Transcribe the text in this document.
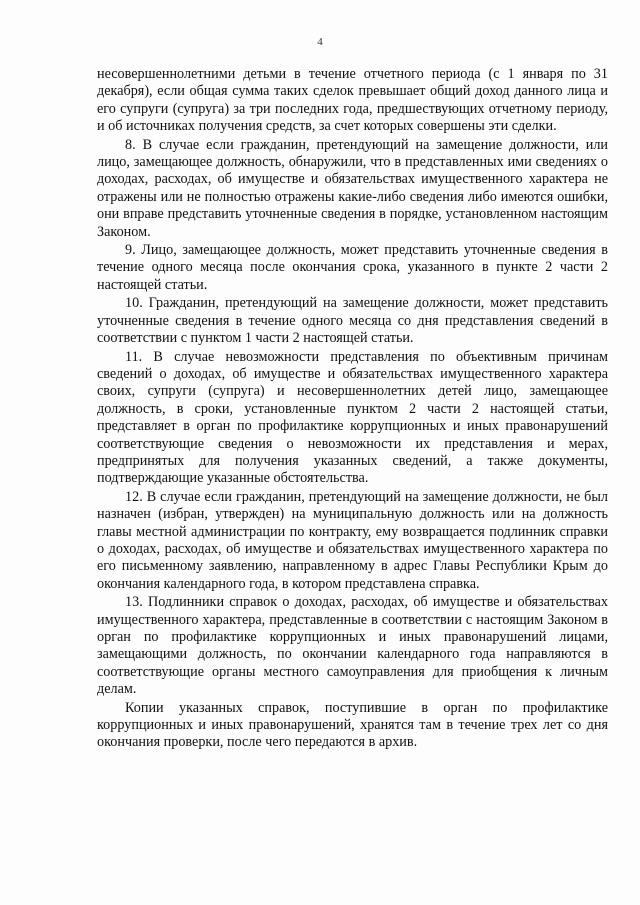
4

несовершеннолетними детьми в течение отчетного периода (с 1 января по 31 декабря), если общая сумма таких сделок превышает общий доход данного лица и его супруги (супруга) за три последних года, предшествующих отчетному периоду, и об источниках получения средств, за счет которых совершены эти сделки.

8. В случае если гражданин, претендующий на замещение должности, или лицо, замещающее должность, обнаружили, что в представленных ими сведениях о доходах, расходах, об имуществе и обязательствах имущественного характера не отражены или не полностью отражены какие-либо сведения либо имеются ошибки, они вправе представить уточненные сведения в порядке, установленном настоящим Законом.

9. Лицо, замещающее должность, может представить уточненные сведения в течение одного месяца после окончания срока, указанного в пункте 2 части 2 настоящей статьи.

10. Гражданин, претендующий на замещение должности, может представить уточненные сведения в течение одного месяца со дня представления сведений в соответствии с пунктом 1 части 2 настоящей статьи.

11. В случае невозможности представления по объективным причинам сведений о доходах, об имуществе и обязательствах имущественного характера своих, супруги (супруга) и несовершеннолетних детей лицо, замещающее должность, в сроки, установленные пунктом 2 части 2 настоящей статьи, представляет в орган по профилактике коррупционных и иных правонарушений соответствующие сведения о невозможности их представления и мерах, предпринятых для получения указанных сведений, а также документы, подтверждающие указанные обстоятельства.

12. В случае если гражданин, претендующий на замещение должности, не был назначен (избран, утвержден) на муниципальную должность или на должность главы местной администрации по контракту, ему возвращается подлинник справки о доходах, расходах, об имуществе и обязательствах имущественного характера по его письменному заявлению, направленному в адрес Главы Республики Крым до окончания календарного года, в котором представлена справка.

13. Подлинники справок о доходах, расходах, об имуществе и обязательствах имущественного характера, представленные в соответствии с настоящим Законом в орган по профилактике коррупционных и иных правонарушений лицами, замещающими должность, по окончании календарного года направляются в соответствующие органы местного самоуправления для приобщения к личным делам.

Копии указанных справок, поступившие в орган по профилактике коррупционных и иных правонарушений, хранятся там в течение трех лет со дня окончания проверки, после чего передаются в архив.
